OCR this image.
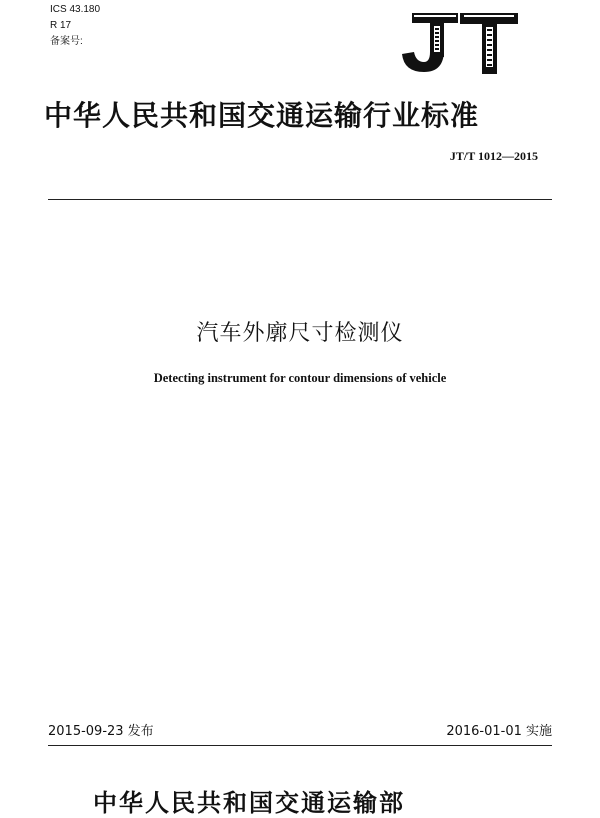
ICS 43.180
R 17
备案号:
中华人民共和国交通运输行业标准
JT/T 1012—2015
汽车外廓尺寸检测仪
Detecting instrument for contour dimensions of vehicle
2015-09-23 发布	2016-01-01 实施
中华人民共和国交通运输部
